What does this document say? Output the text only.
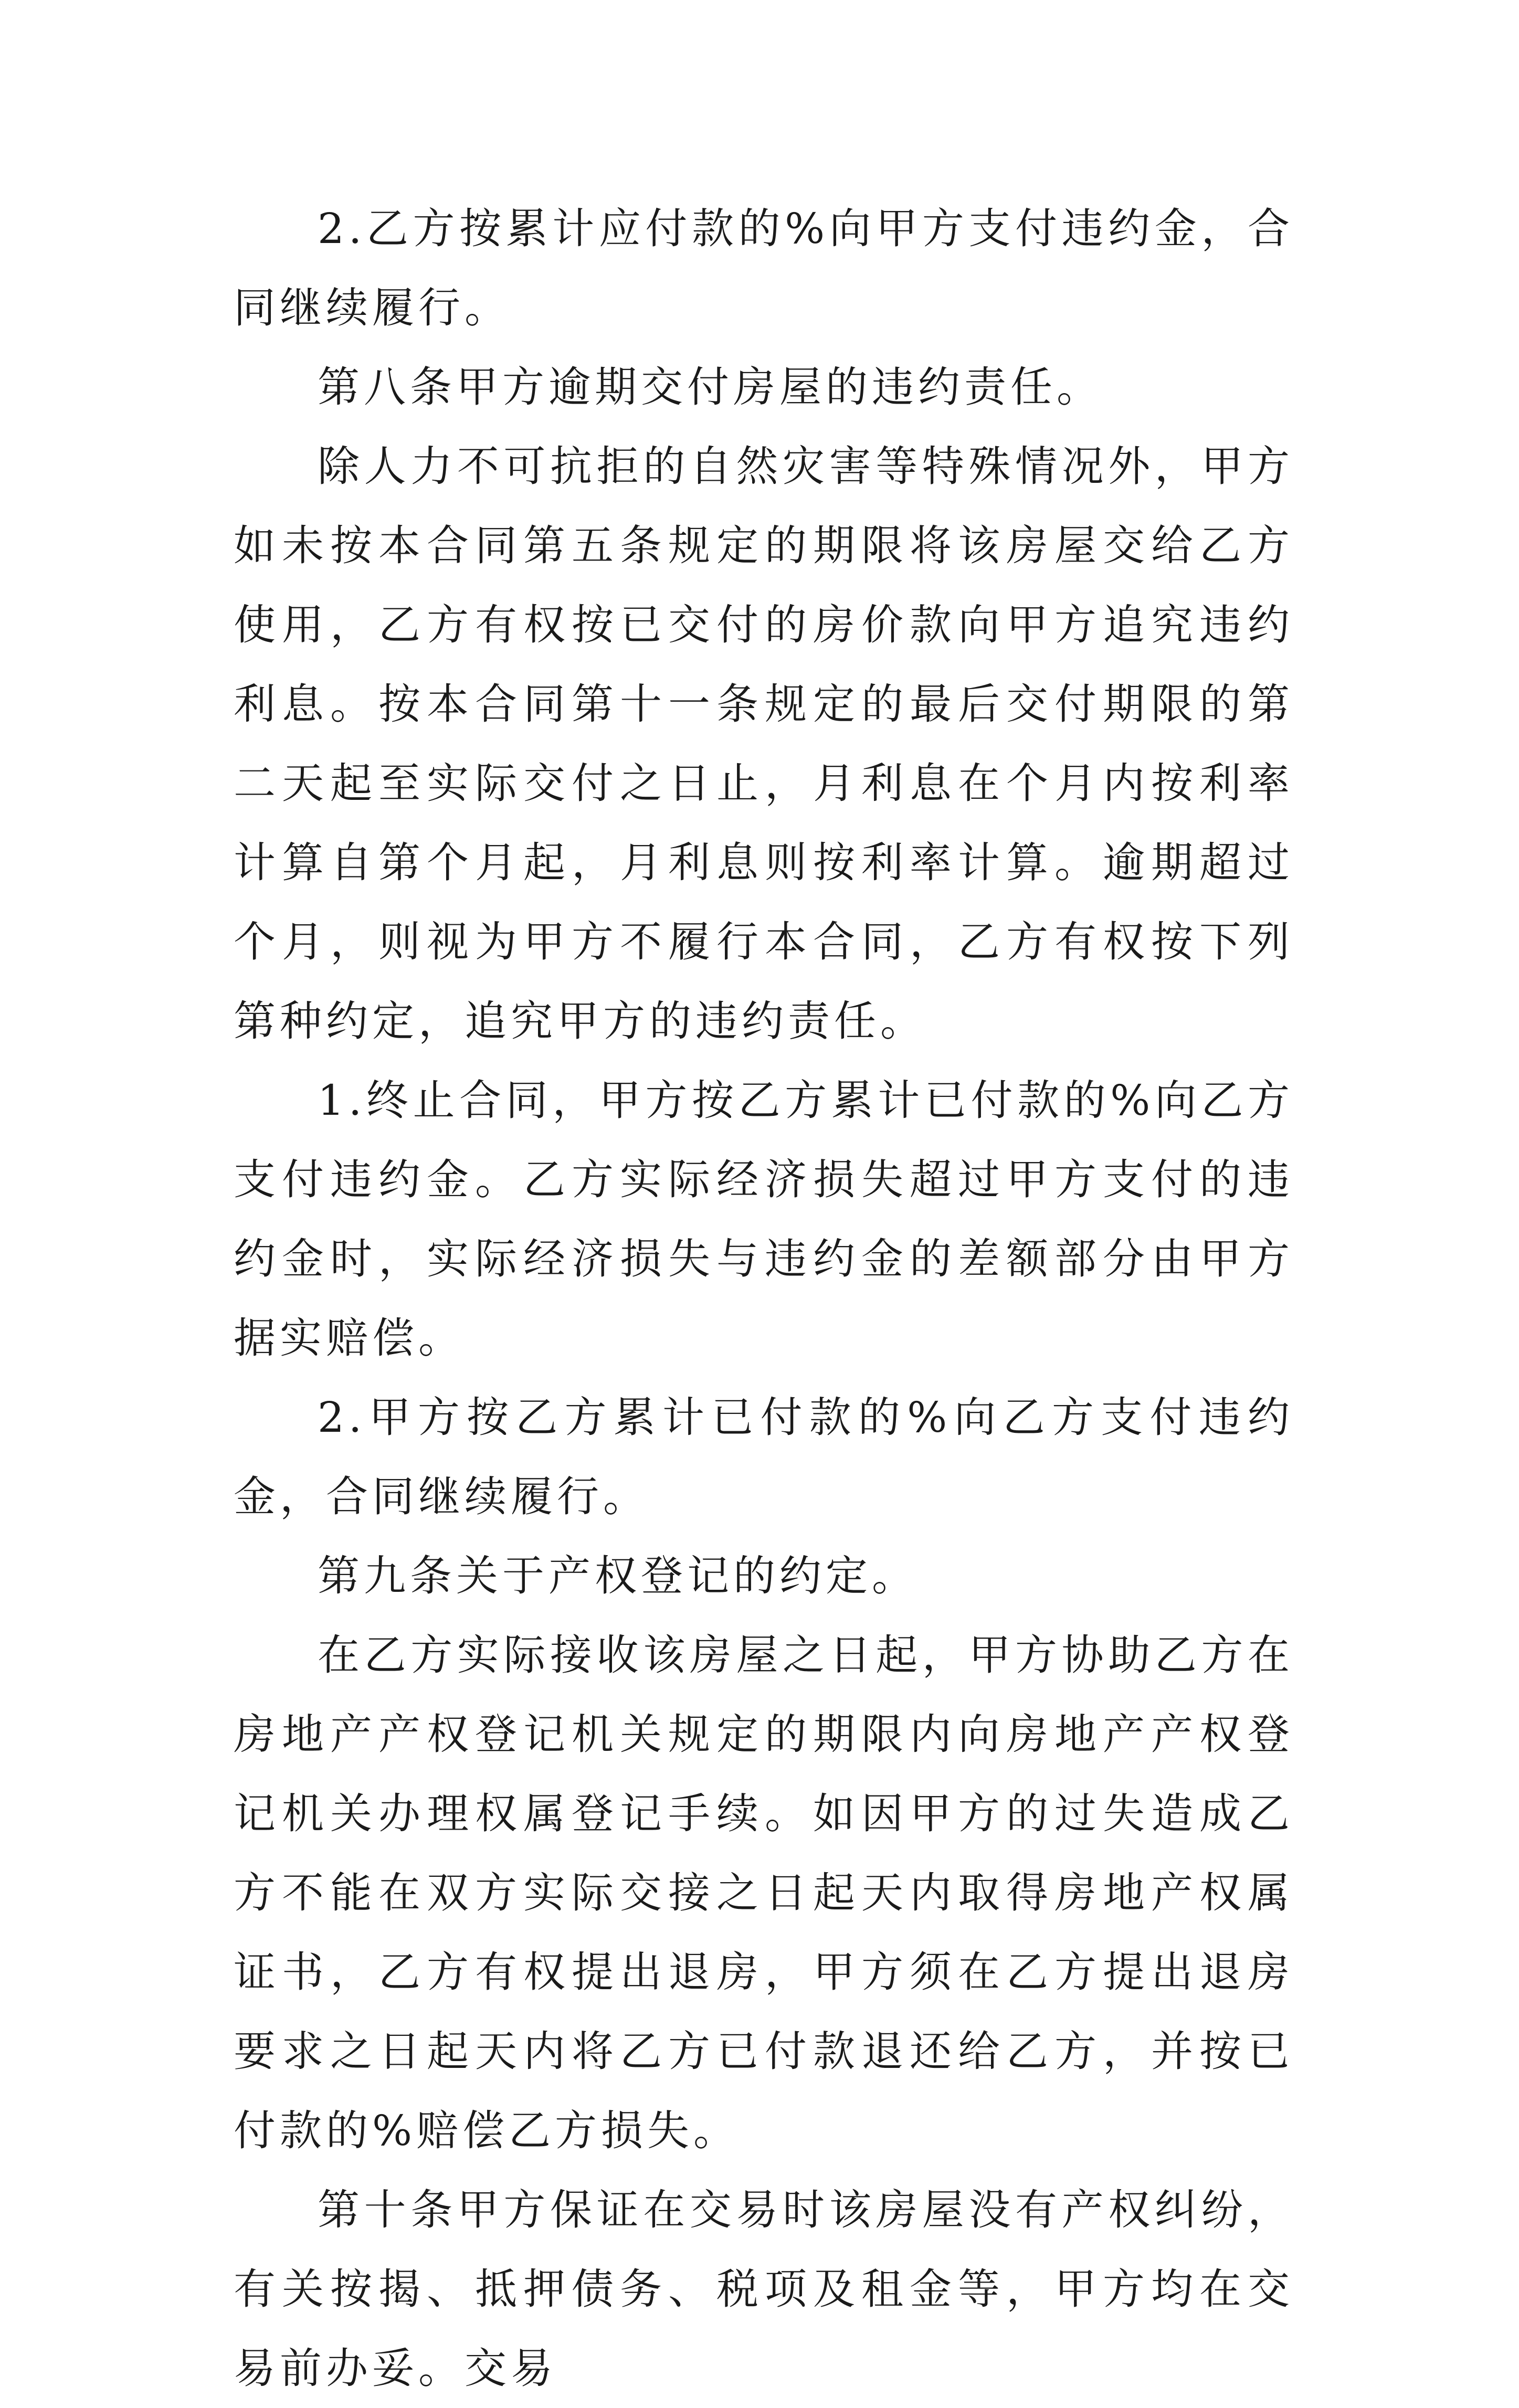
2.乙方按累计应付款的%向甲方支付违约金，合同继续履行。

第八条甲方逾期交付房屋的违约责任。

除人力不可抗拒的自然灾害等特殊情况外，甲方如未按本合同第五条规定的期限将该房屋交给乙方使用，乙方有权按已交付的房价款向甲方追究违约利息。按本合同第十一条规定的最后交付期限的第二天起至实际交付之日止，月利息在个月内按利率计算自第个月起，月利息则按利率计算。逾期超过个月，则视为甲方不履行本合同，乙方有权按下列第种约定，追究甲方的违约责任。

1.终止合同，甲方按乙方累计已付款的%向乙方支付违约金。乙方实际经济损失超过甲方支付的违约金时，实际经济损失与违约金的差额部分由甲方据实赔偿。

2.甲方按乙方累计已付款的%向乙方支付违约金，合同继续履行。

第九条关于产权登记的约定。

在乙方实际接收该房屋之日起，甲方协助乙方在房地产产权登记机关规定的期限内向房地产产权登记机关办理权属登记手续。如因甲方的过失造成乙方不能在双方实际交接之日起天内取得房地产权属证书，乙方有权提出退房，甲方须在乙方提出退房要求之日起天内将乙方已付款退还给乙方，并按已付款的%赔偿乙方损失。

第十条甲方保证在交易时该房屋没有产权纠纷，有关按揭、抵押债务、税项及租金等，甲方均在交易前办妥。交易
